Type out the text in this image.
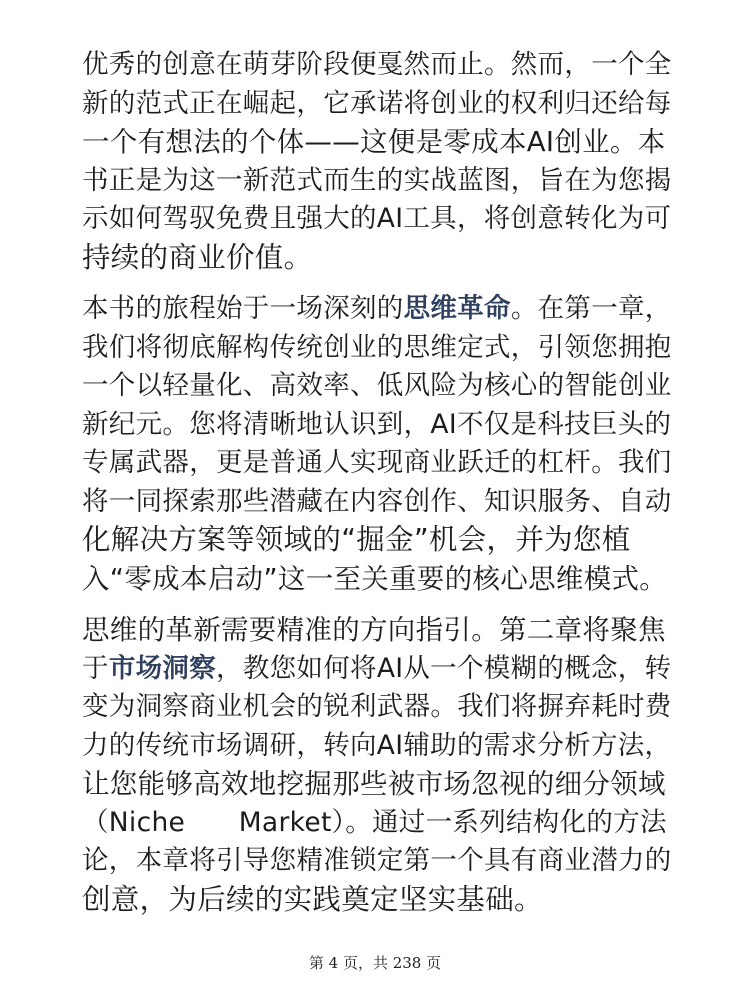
优秀的创意在萌芽阶段便戛然而止。然而，一个全
新的范式正在崛起，它承诺将创业的权利归还给每
一个有想法的个体——这便是零成本AI创业。本
书正是为这一新范式而生的实战蓝图，旨在为您揭
示如何驾驭免费且强大的AI工具，将创意转化为可
持续的商业价值。

本书的旅程始于一场深刻的思维革命。在第一章，
我们将彻底解构传统创业的思维定式，引领您拥抱
一个以轻量化、高效率、低风险为核心的智能创业
新纪元。您将清晰地认识到，AI不仅是科技巨头的
专属武器，更是普通人实现商业跃迁的杠杆。我们
将一同探索那些潜藏在内容创作、知识服务、自动
化解决方案等领域的“掘金”机会，并为您植
入“零成本启动”这一至关重要的核心思维模式。

思维的革新需要精准的方向指引。第二章将聚焦
于市场洞察，教您如何将AI从一个模糊的概念，转
变为洞察商业机会的锐利武器。我们将摒弃耗时费
力的传统市场调研，转向AI辅助的需求分析方法，
让您能够高效地挖掘那些被市场忽视的细分领域
（Niche　　Market）。通过一系列结构化的方法
论，本章将引导您精准锁定第一个具有商业潜力的
创意，为后续的实践奠定坚实基础。

第 4 页，共 238 页
